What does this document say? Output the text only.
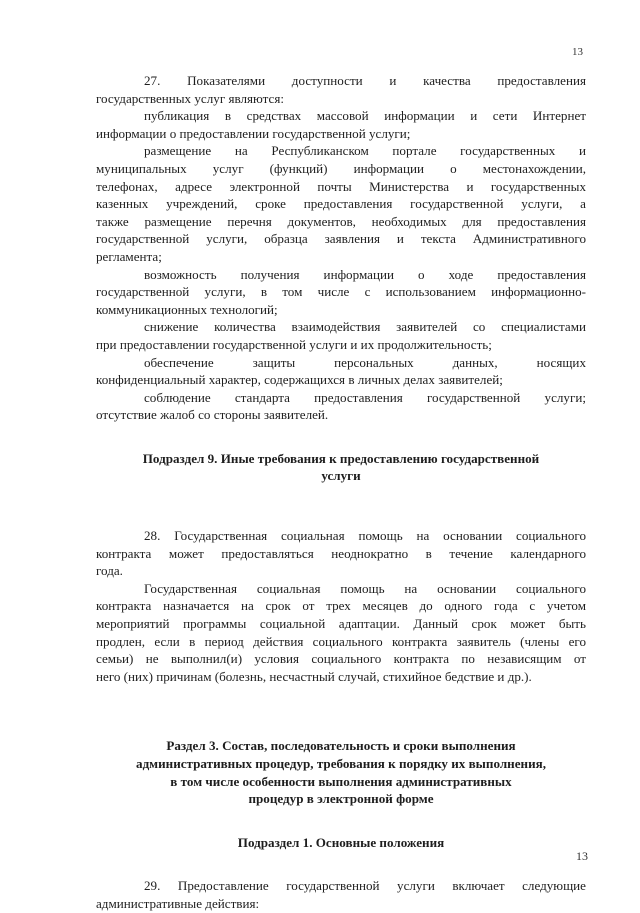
13

27. Показателями доступности и качества предоставления
государственных услуг являются:

публикация в средствах массовой информации и сети Интернет
информации о предоставлении государственной услуги;

размещение на Республиканском портале государственных и
муниципальных услуг (функций) информации о местонахождении,
телефонах, адресе электронной почты Министерства и государственных
казенных учреждений, сроке предоставления государственной услуги, а
также размещение перечня документов, необходимых для предоставления
государственной услуги, образца заявления и текста Административного
регламента;

возможность получения информации о ходе предоставления
государственной услуги, в том числе с использованием информационно-
коммуникационных технологий;

снижение количества взаимодействия заявителей со специалистами
при предоставлении государственной услуги и их продолжительность;

обеспечение защиты персональных данных, носящих
конфиденциальный характер, содержащихся в личных делах заявителей;

соблюдение стандарта предоставления государственной услуги;
отсутствие жалоб со стороны заявителей.

Подраздел 9. Иные требования к предоставлению государственной
услуги

28. Государственная социальная помощь на основании социального
контракта может предоставляться неоднократно в течение календарного
года.

Государственная социальная помощь на основании социального
контракта назначается на срок от трех месяцев до одного года с учетом
мероприятий программы социальной адаптации. Данный срок может быть
продлен, если в период действия социального контракта заявитель (члены его
семьи) не выполнил(и) условия социального контракта по независящим от
него (них) причинам (болезнь, несчастный случай, стихийное бедствие и др.).

Раздел 3. Состав, последовательность и сроки выполнения
административных процедур, требования к порядку их выполнения,
в том числе особенности выполнения административных
процедур в электронной форме
Подраздел 1. Основные положения

29. Предоставление государственной услуги включает следующие
административные действия:

13
